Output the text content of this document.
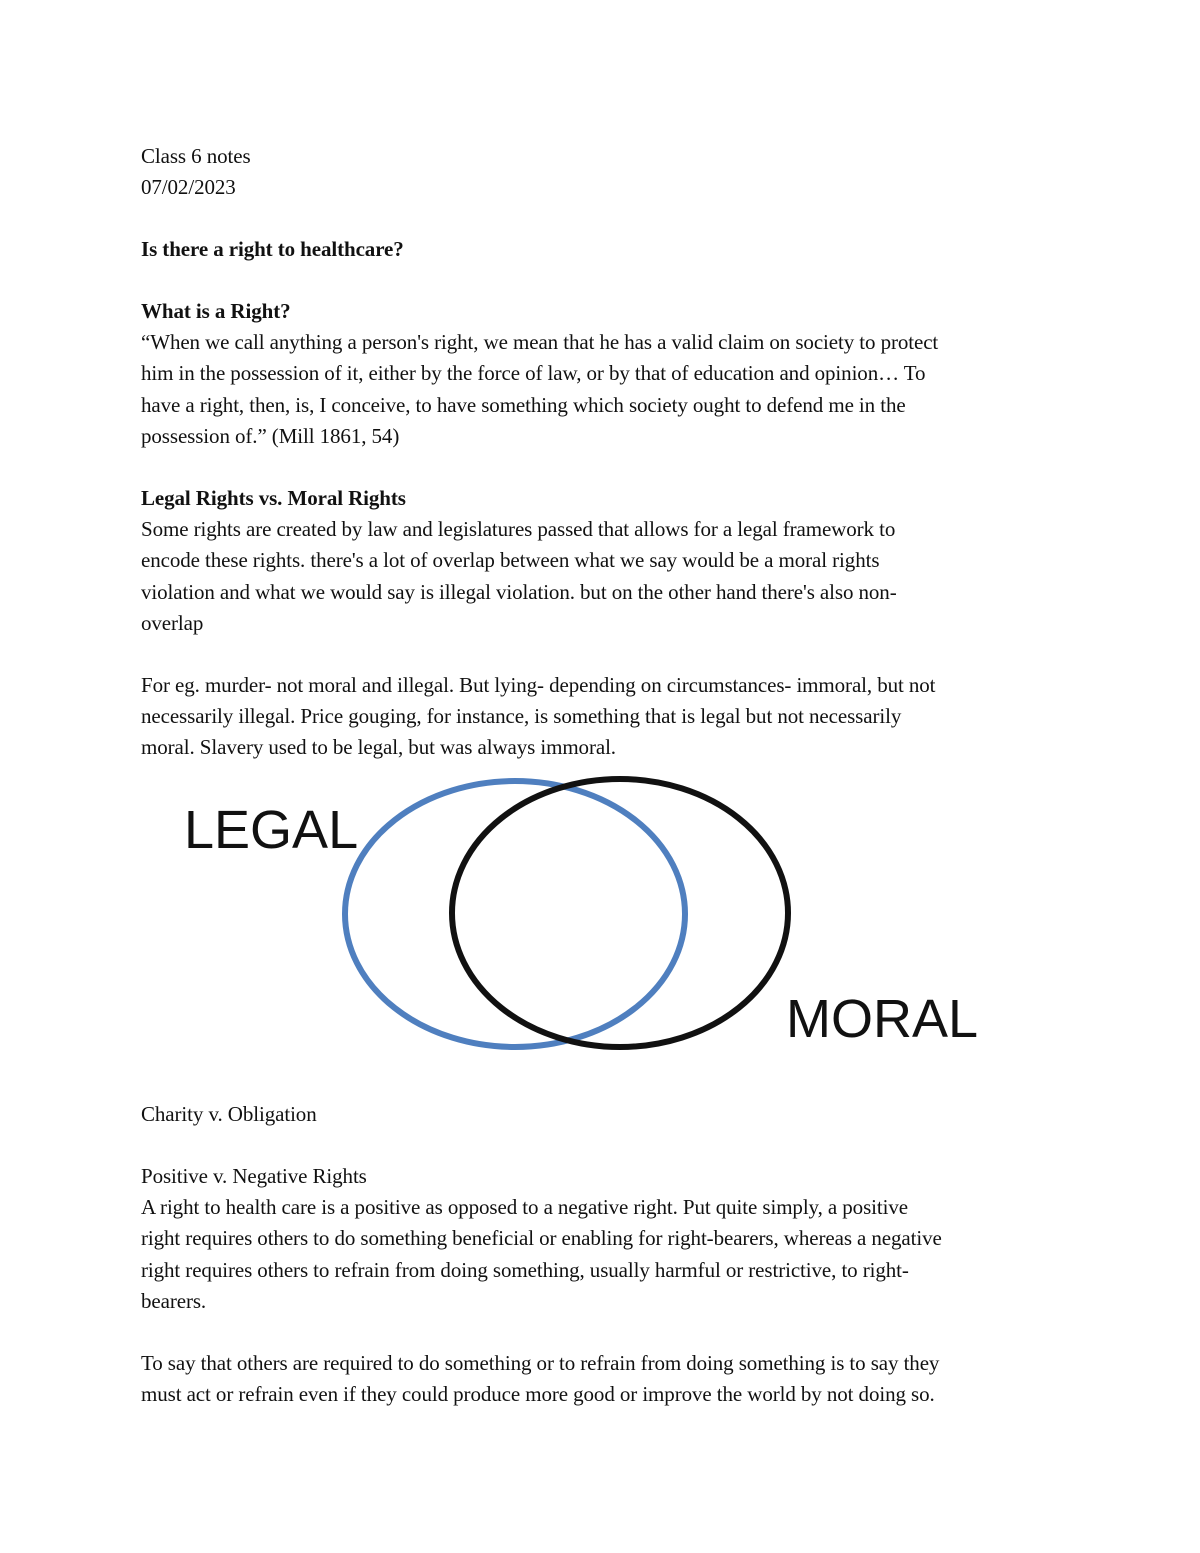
Class 6 notes
07/02/2023
Is there a right to healthcare?
What is a Right?
“When we call anything a person's right, we mean that he has a valid claim on society to protect
him in the possession of it, either by the force of law, or by that of education and opinion… To
have a right, then, is, I conceive, to have something which society ought to defend me in the
possession of.” (Mill 1861, 54)
Legal Rights vs. Moral Rights
Some rights are created by law and legislatures passed that allows for a legal framework to
encode these rights. there's a lot of overlap between what we say would be a moral rights
violation and what we would say is illegal violation. but on the other hand there's also non-
overlap
For eg. murder- not moral and illegal. But lying- depending on circumstances- immoral, but not
necessarily illegal. Price gouging, for instance, is something that is legal but not necessarily
moral. Slavery used to be legal, but was always immoral.
LEGAL
MORAL
Charity v. Obligation
Positive v. Negative Rights
A right to health care is a positive as opposed to a negative right. Put quite simply, a positive
right requires others to do something beneficial or enabling for right-bearers, whereas a negative
right requires others to refrain from doing something, usually harmful or restrictive, to right-
bearers.
To say that others are required to do something or to refrain from doing something is to say they
must act or refrain even if they could produce more good or improve the world by not doing so.
